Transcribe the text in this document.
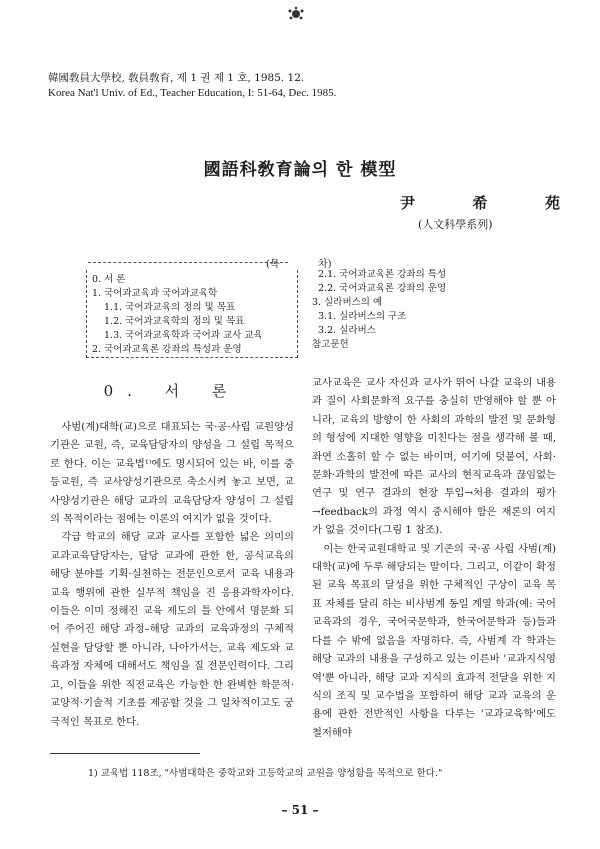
韓國敎員大學校, 敎員敎育, 제 1 권 제 1 호, 1985. 12.
Korea Nat'l Univ. of Ed., Teacher Education, I: 51-64, Dec. 1985.
國語科敎育論의 한 模型
尹	希	苑
(人文科學系列)
(목	차)
0. 서 론
1. 국어과교육과 국어과교육학
1.1. 국어과교육의 정의 및 목표
1.2. 국어과교육학의 정의 및 목표
1.3. 국어과교육학과 국어과 교사 교육
2. 국어과교육론 강좌의 특성과 운영
2.1. 국어과교육론 강좌의 특성
2.2. 국어과교육론 강좌의 운영
3. 실라버스의 예
3.1. 실라버스의 구조
3.2. 실라버스
참고문헌
0. 서 론

사범(계)대학(교)으로 대표되는 국·공·사립 교원양성기관은 교원, 즉, 교육담당자의 양성을 그 설립 목적으로 한다. 이는 교육법¹⁾에도 명시되어 있는 바, 이를 중등교원, 즉 교사양성기관으로 축소시켜 놓고 보면, 교사양성기관은 해당 교과의 교육담당자 양성이 그 설립의 목적이라는 점에는 이론의 여지가 없을 것이다.

각급 학교의 해당 교과 교사를 포함한 넓은 의미의 교과교육담당자는, 담당 교과에 관한 한, 공식교육의 해당 분야를 기획·실천하는 전문인으로서 교육 내용과 교육 행위에 관한 실무적 책임을 진 응용과학자이다. 이들은 이미 정해진 교육 제도의 틀 안에서 명문화 되어 주어진 해당 과정–해당 교과의 교육과정의 구체적 실현을 담당할 뿐 아니라, 나아가서는, 교육 제도와 교육과정 자체에 대해서도 책임을 질 전문인력이다. 그리고, 이들을 위한 직전교육은 가능한 한 완벽한 학문적·교양적·기술적 기초를 제공할 것을 그 일차적이고도 궁극적인 목표로 한다.

교사교육은 교사 자신과 교사가 뛰어 나갈 교육의 내용과 질이 사회문화적 요구를 충실히 반영해야 할 뿐 아니라, 교육의 방향이 한 사회의 과학의 발전 및 문화형의 형성에 지대한 영향을 미친다는 점을 생각해 볼 때, 좌연 소홀히 할 수 없는 바이며, 여기에 덧붙여, 사회·문화·과학의 발전에 따른 교사의 현직교육과 끊임없는 연구 및 연구 결과의 현장 투입→처용 결과의 평가→feedback의 과정 역시 중시해야 함은 재론의 여지가 없을 것이다(그림 1 참조).

이는 한국교원대학교 및 기존의 국·공 사립 사범(계)대학(교)에 두루 해당되는 말이다. 그리고, 이같이 확정된 교육 목표의 달성을 위한 구체적인 구상이 교육 목표 자체를 달리 하는 비사범계 동일 계열 학과(예: 국어교육과의 경우, 국어국문학과, 한국어문학과 등)들과 다를 수 밖에 없음을 자명하다. 즉, 사범계 각 학과는 해당 교과의 내용을 구성하고 있는 이른바 '교과지식영역'뿐 아니라, 해당 교과 지식의 효과적 전달을 위한 지식의 조직 및 교수법을 포함하여 해당 교과 교육의 운용에 관한 전반적인 사항을 다루는 '교과교육학'에도 철저해야

1) 교육법 118조, "사범대학은 중학교와 고등학교의 교원을 양성함을 목적으로 한다."
– 51 –
